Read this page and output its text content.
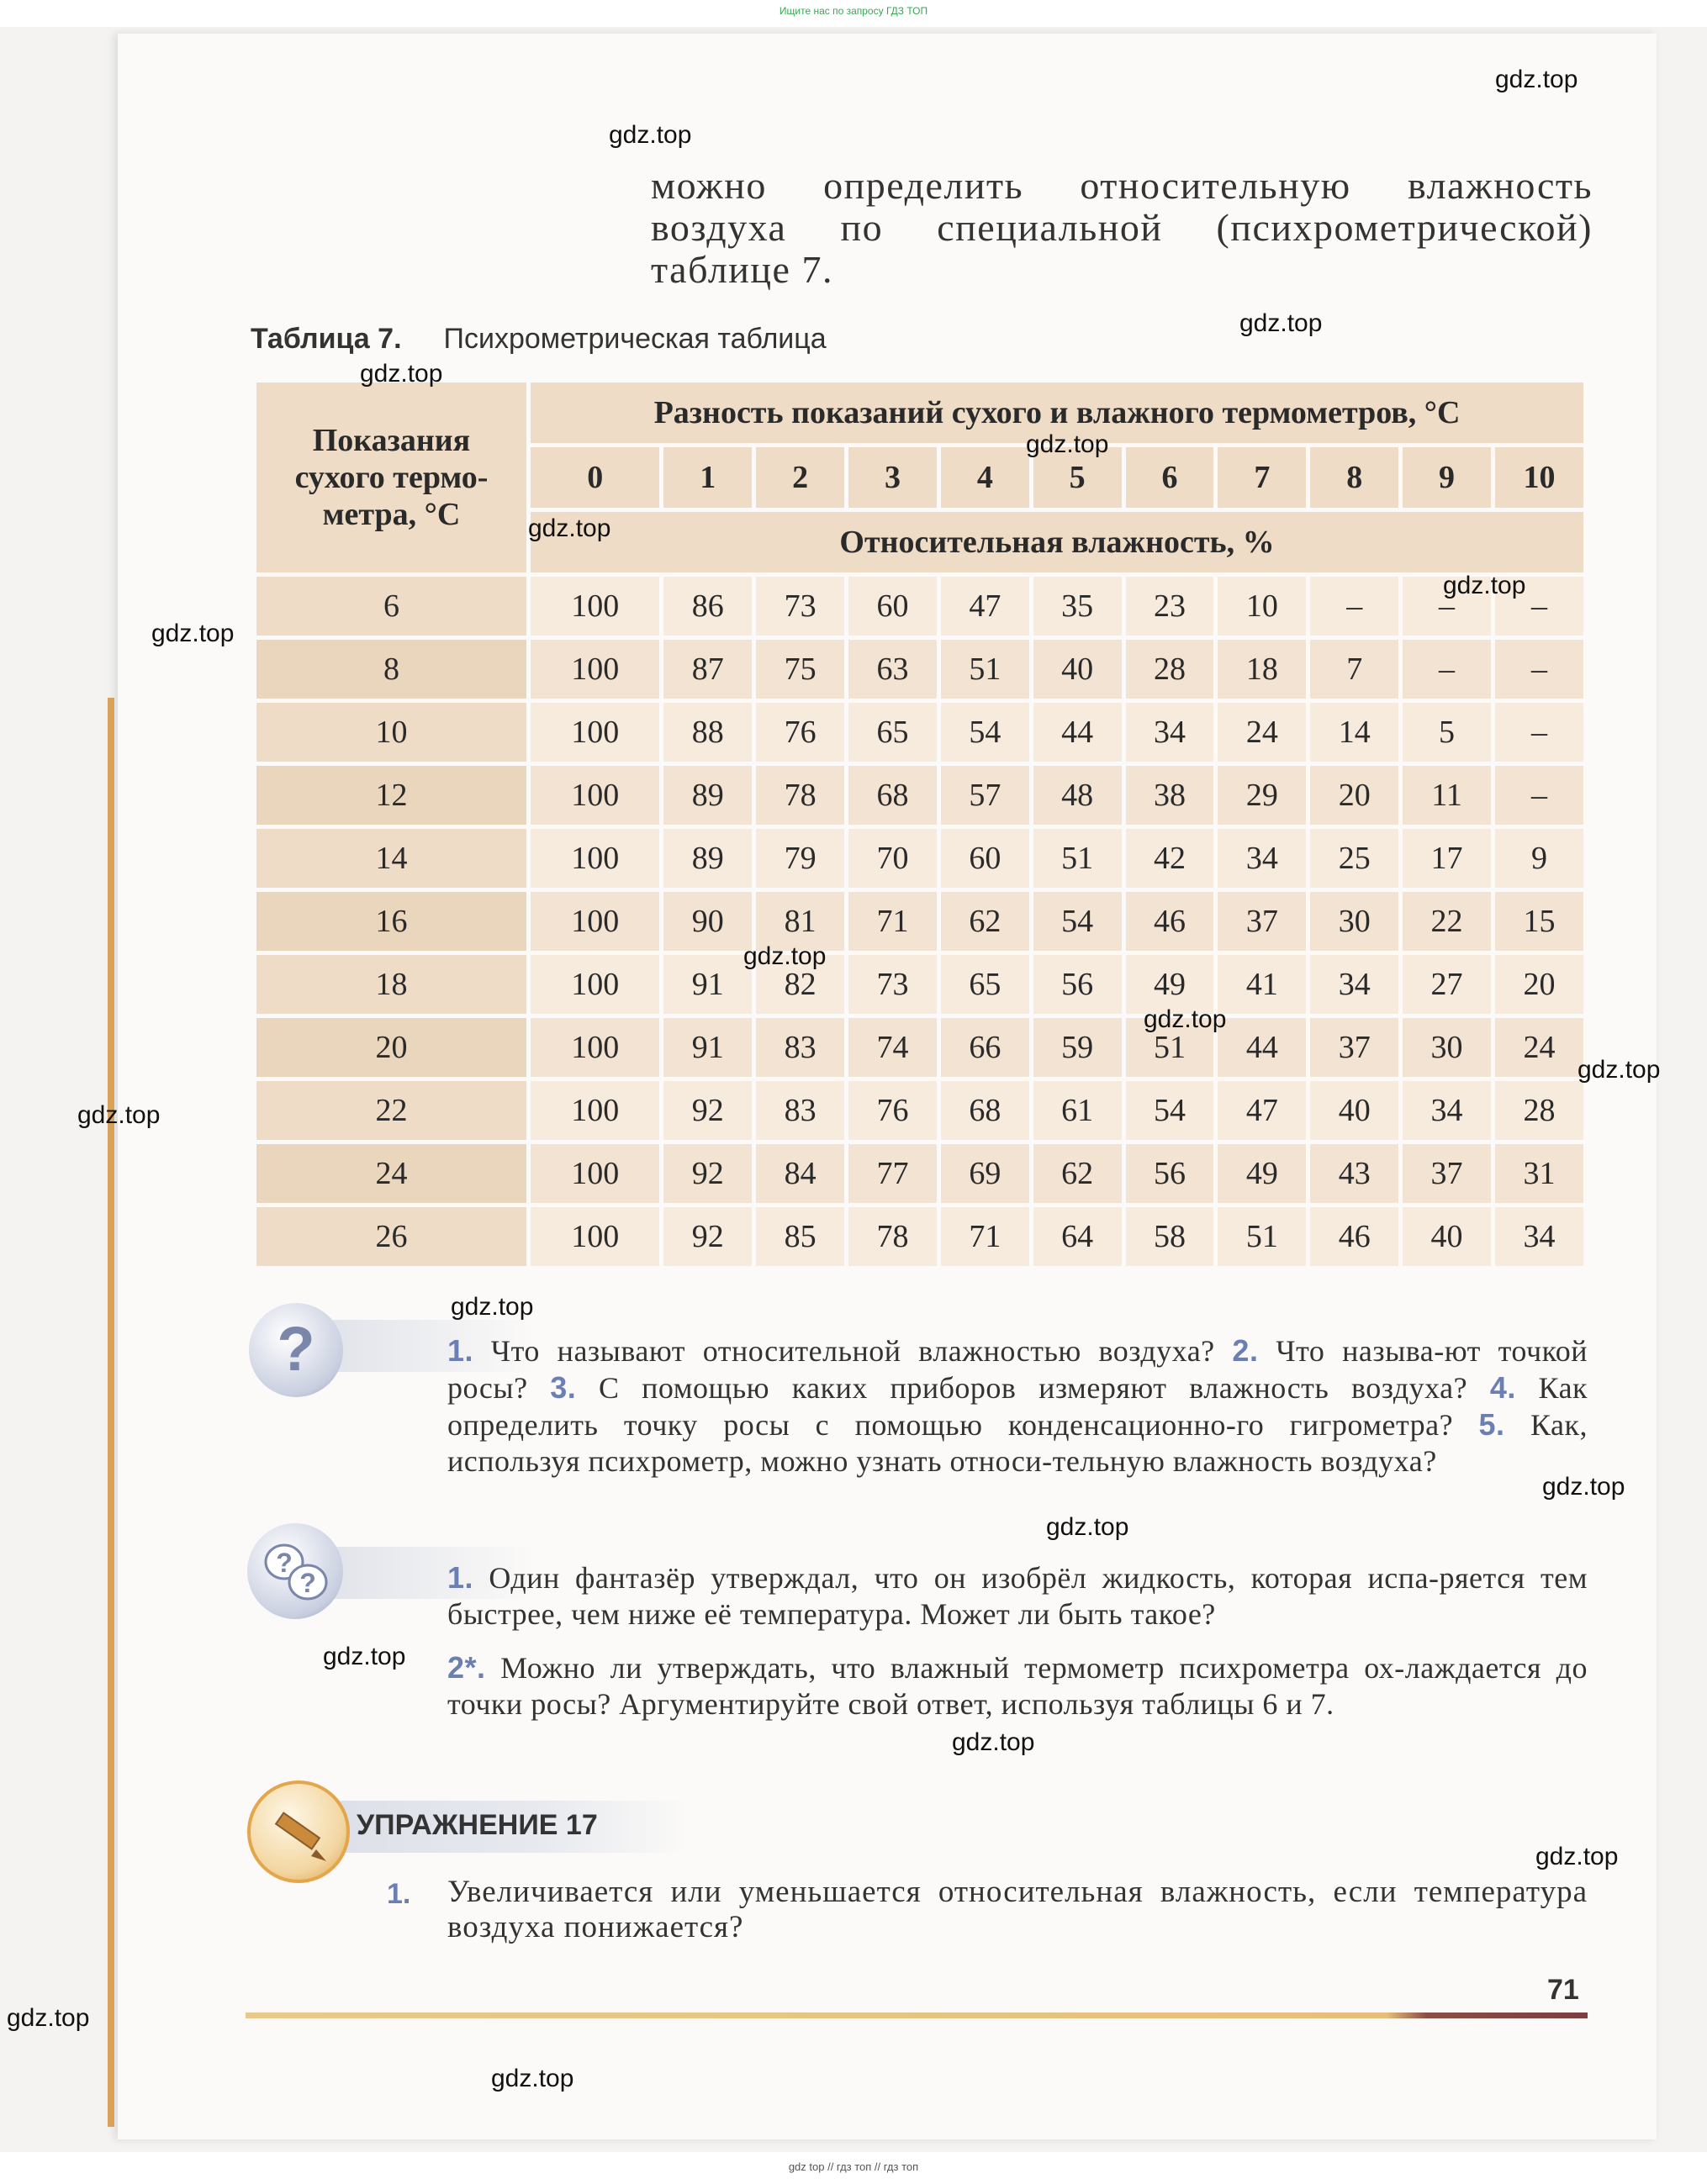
Ищите нас по запросу ГДЗ ТОП
можно определить относительную влажность воздуха по специальной (психрометрической) таблице 7.
Таблица 7. Психрометрическая таблица
Показания сухого термо-метра, °С	Разность показаний сухого и влажного термометров, °С										
	0	1	2	3	4	5	6	7	8	9	10
	Относительная влажность, %										
6	100	86	73	60	47	35	23	10	–	–	–
8	100	87	75	63	51	40	28	18	7	–	–
10	100	88	76	65	54	44	34	24	14	5	–
12	100	89	78	68	57	48	38	29	20	11	–
14	100	89	79	70	60	51	42	34	25	17	9
16	100	90	81	71	62	54	46	37	30	22	15
18	100	91	82	73	65	56	49	41	34	27	20
20	100	91	83	74	66	59	51	44	37	30	24
22	100	92	83	76	68	61	54	47	40	34	28
24	100	92	84	77	69	62	56	49	43	37	31
26	100	92	85	78	71	64	58	51	46	40	34
?	1. Что называют относительной влажностью воздуха? 2. Что называ-ют точкой росы? 3. С помощью каких приборов измеряют влажность воздуха? 4. Как определить точку росы с помощью конденсационно-го гигрометра? 5. Как, используя психрометр, можно узнать относи-тельную влажность воздуха?
?
?	1. Один фантазёр утверждал, что он изобрёл жидкость, которая испа-ряется тем быстрее, чем ниже её температура. Может ли быть такое?
2*. Можно ли утверждать, что влажный термометр психрометра ох-лаждается до точки росы? Аргументируйте свой ответ, используя таблицы 6 и 7.
УПРАЖНЕНИЕ 17
1. Увеличивается или уменьшается относительная влажность, если температура воздуха понижается?
71
gdz.top
gdz.top
gdz.top
gdz.top
gdz.top
gdz.top
gdz.top
gdz.top
gdz.top
gdz.top
gdz.top
gdz.top
gdz.top
gdz.top
gdz.top
gdz.top
gdz.top
gdz.top
gdz.top
gdz.top
gdz top // гдз топ // гдз топ
